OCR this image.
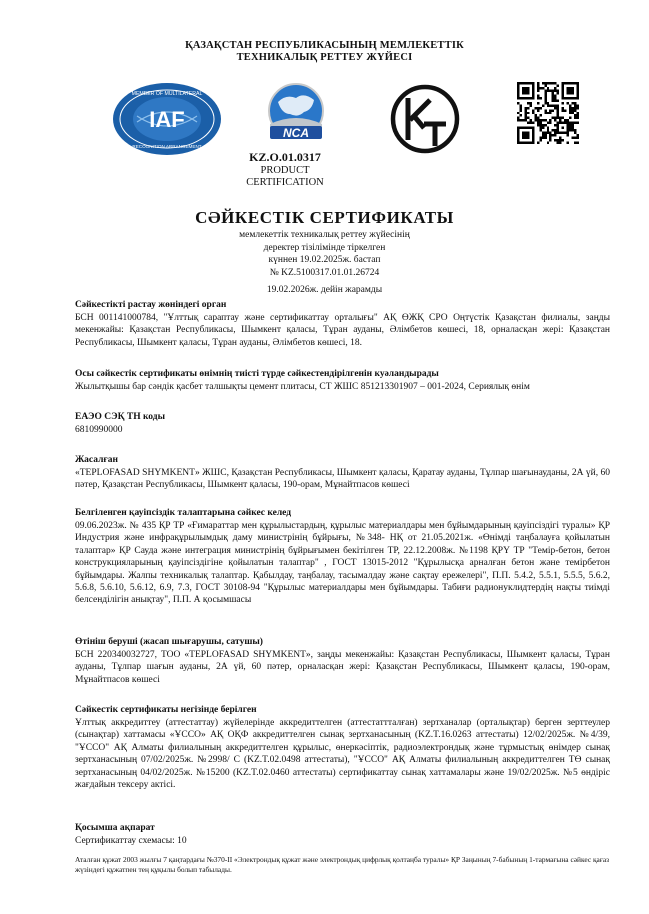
ҚАЗАҚСТАН РЕСПУБЛИКАСЫНЫҢ МЕМЛЕКЕТТІК
ТЕХНИКАЛЫҚ РЕТТЕУ ЖҮЙЕСІ
IAF
MEMBER OF MULTILATERAL
RECOGNITION ARRANGEMENT
NCA
KZ.O.01.0317
PRODUCT
CERTIFICATION
СӘЙКЕСТІК СЕРТИФИКАТЫ
мемлекеттік техникалық реттеу жүйесінің
деректер тізілімінде тіркелген
күннен 19.02.2025ж. бастап
№ KZ.5100317.01.01.26724
19.02.2026ж. дейін жарамды
Сәйкестікті растау жөніндегі орган
БСН 001141000784, "Ұлттық сараптау және сертификаттау орталығы" АҚ ӨЖҚ СРО Оңтүстік Қазақстан филиалы, заңды мекенжайы: Қазақстан Республикасы, Шымкент қаласы, Тұран ауданы, Әлімбетов көшесі, 18, орналасқан жері: Қазақстан Республикасы, Шымкент қаласы, Тұран ауданы, Әлімбетов көшесі, 18.
Осы сәйкестік сертификаты өнімнің тиісті түрде сәйкестендірілгенін куәландырады
Жылытқышы бар сәндік қасбет талшықты цемент плитасы, СТ ЖШС 851213301907 – 001-2024, Сериялық өнім
ЕАЭО СЭҚ ТН коды
6810990000
Жасалған
«TEPLOFASAD SHYMKENT» ЖШС, Қазақстан Республикасы, Шымкент қаласы, Қаратау ауданы, Тұлпар шағынауданы, 2А үй, 60 пәтер, Қазақстан Республикасы, Шымкент қаласы, 190-орам, Мұнайтпасов көшесі
Белгіленген қауіпсіздік талаптарына сәйкес келед
09.06.2023ж. № 435 ҚР ТР «Ғимараттар мен құрылыстардың, құрылыс материалдары мен бұйымдарының қауіпсіздігі туралы» ҚР Индустрия және инфрақұрылымдық даму министрінің бұйрығы, №348- НҚ от 21.05.2021ж. «Өнімді таңбалауға қойылатын талаптар» ҚР Сауда және интеграция министрінің бұйрығымен бекітілген ТР, 22.12.2008ж. №1198 ҚРҮ ТР "Темір-бетон, бетон конструкцияларының қауіпсіздігіне қойылатын талаптар" , ГОСТ 13015-2012 "Құрылысқа арналған бетон және темірбетон бұйымдары. Жалпы техникалық талаптар. Қабылдау, таңбалау, тасымалдау және сақтау ережелері", П.П. 5.4.2, 5.5.1, 5.5.5, 5.6.2, 5.6.8, 5.6.10, 5.6.12, 6.9, 7.3, ГОСТ 30108-94 "Құрылыс материалдары мен бұйымдары. Табиғи радионуклидтердің нақты тиімді белсенділігін анықтау", П.П. А қосымшасы
Өтініш беруші (жасап шығарушы, сатушы)
БСН 220340032727, ТОО «TEPLOFASAD SHYMKENT», заңды мекенжайы: Қазақстан Республикасы, Шымкент қаласы, Тұран ауданы, Тұлпар шағын ауданы, 2А үй, 60 пәтер, орналасқан жері: Қазақстан Республикасы, Шымкент қаласы, 190-орам, Мұнайтпасов көшесі
Сәйкестік сертификаты негізінде берілген
Ұлттық аккредиттеу (аттестаттау) жүйелерінде аккредиттелген (аттестаттталған) зертханалар (орталықтар) берген зерттеулер (сынақтар) хаттамасы «ҰССО» АҚ ОҚФ аккредиттелген сынақ зертханасының (KZ.T.16.0263 аттестаты) 12/02/2025ж. №4/39, "ҰССО" АҚ Алматы филиалының аккредиттелген құрылыс, өнеркәсіптік, радиоэлектрондық және тұрмыстық өнімдер сынақ зертханасының 07/02/2025ж. №2998/ С (KZ.T.02.0498 аттестаты), "ҰССО" АҚ Алматы филиалының аккредиттелген ТӨ сынақ зертханасының 04/02/2025ж. №15200 (KZ.T.02.0460 аттестаты) сертификаттау сынақ хаттамалары және 19/02/2025ж. №5 өндіріс жағдайын тексеру актісі.
Қосымша ақпарат
Сертификаттау схемасы: 10
Аталған құжат 2003 жылғы 7 қаңтардағы №370-II «Электрондық құжат және электрондық цифрлық қолтаңба туралы» ҚР Заңының 7-бабының 1-тармағына сәйкес қағаз жүзіндегі құжатпен тең құқылы болып табылады.
